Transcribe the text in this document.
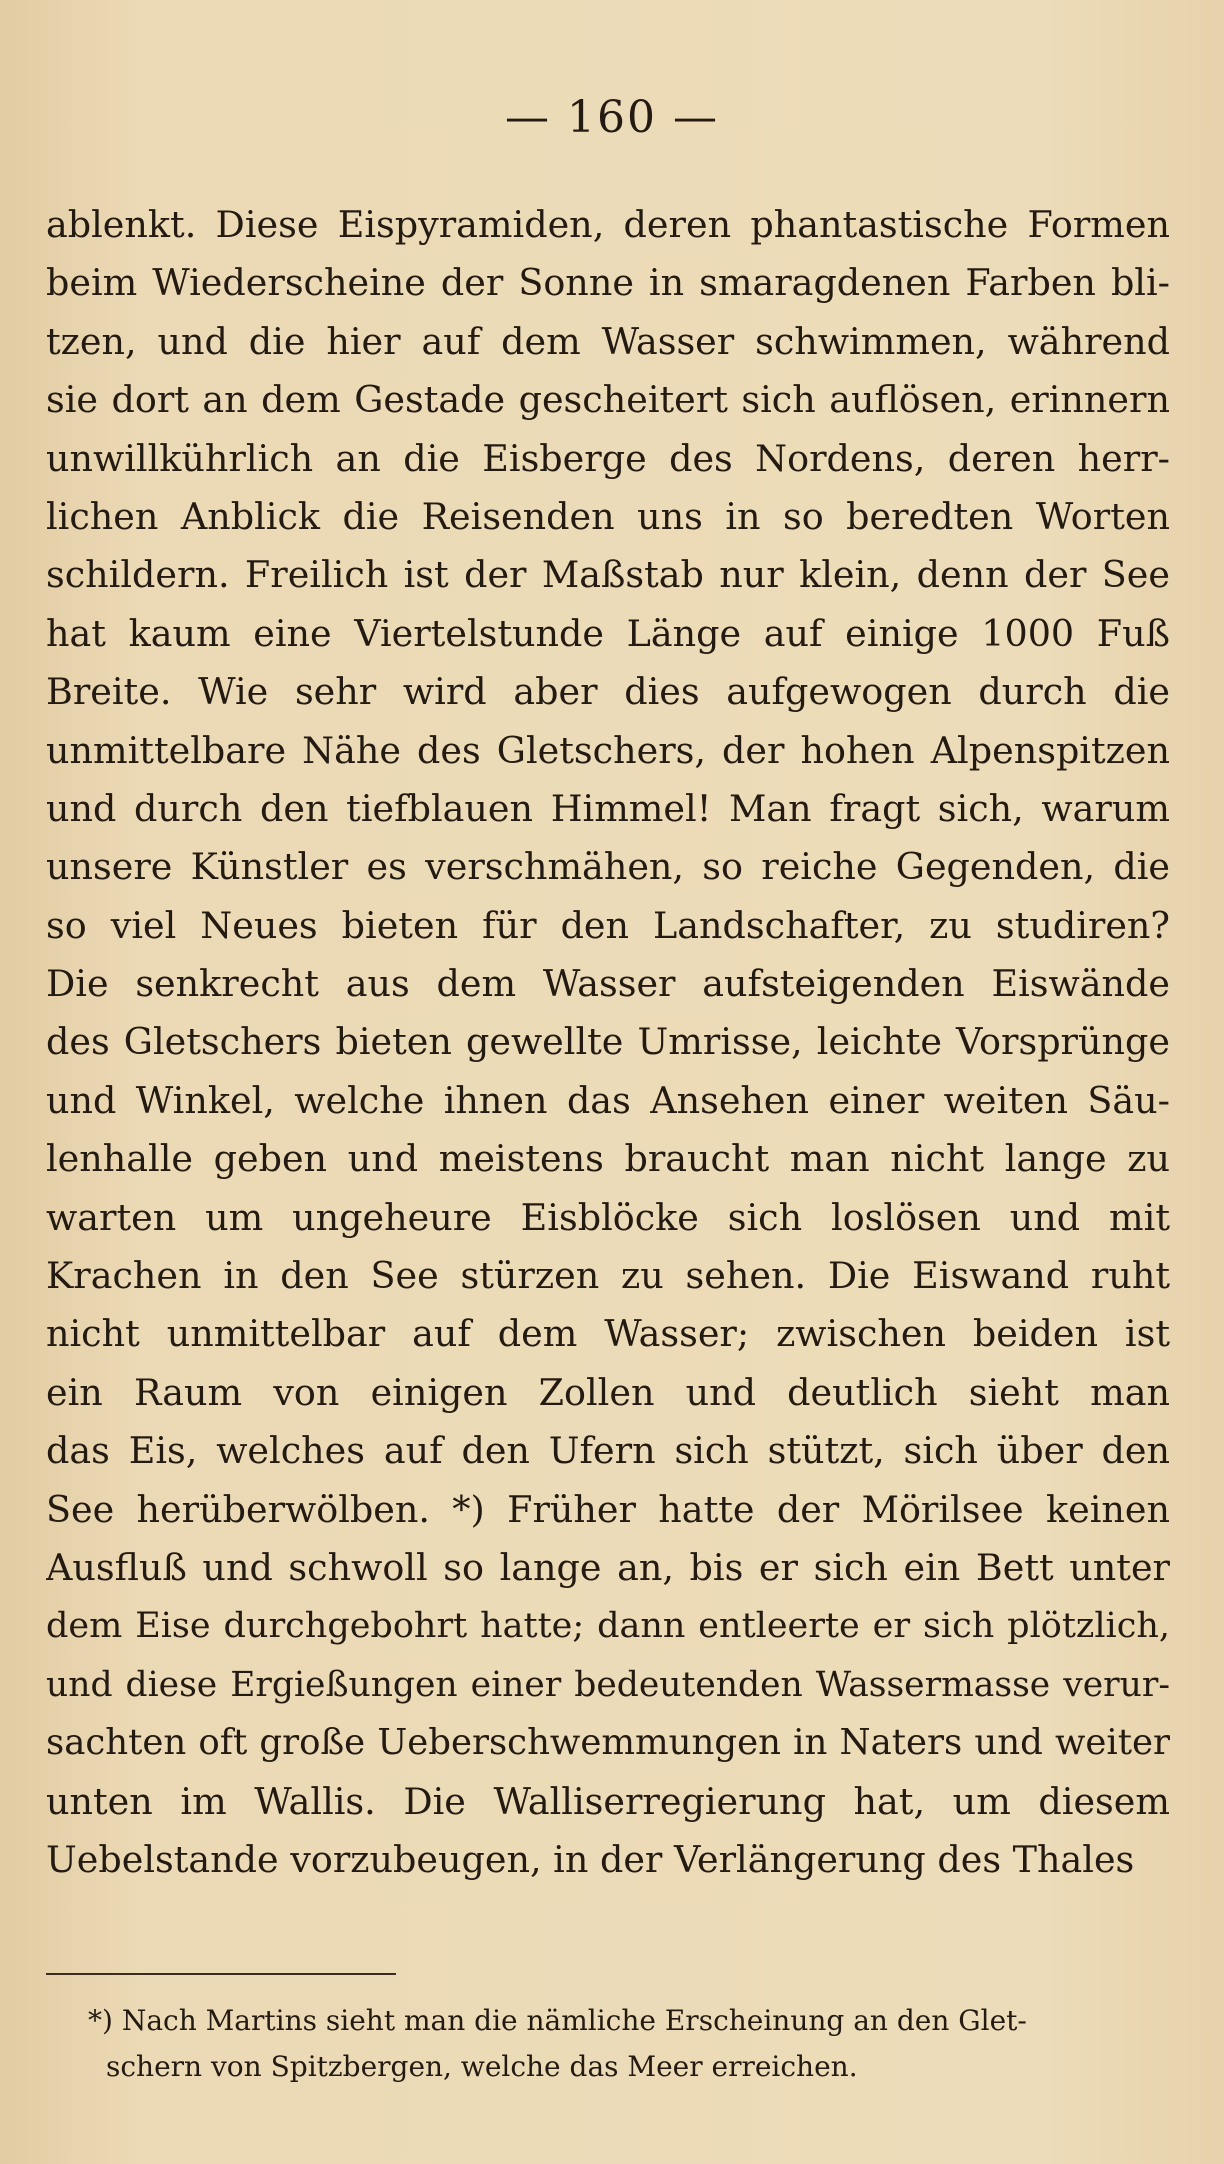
— 160 —
ablenkt. Diese Eispyramiden, deren phantastische Formen
beim Wiederscheine der Sonne in smaragdenen Farben bli-
tzen, und die hier auf dem Wasser schwimmen, während
sie dort an dem Gestade gescheitert sich auflösen, erinnern
unwillkührlich an die Eisberge des Nordens, deren herr-
lichen Anblick die Reisenden uns in so beredten Worten
schildern. Freilich ist der Maßstab nur klein, denn der See
hat kaum eine Viertelstunde Länge auf einige 1000 Fuß
Breite. Wie sehr wird aber dies aufgewogen durch die
unmittelbare Nähe des Gletschers, der hohen Alpenspitzen
und durch den tiefblauen Himmel! Man fragt sich, warum
unsere Künstler es verschmähen, so reiche Gegenden, die
so viel Neues bieten für den Landschafter, zu studiren?
Die senkrecht aus dem Wasser aufsteigenden Eiswände
des Gletschers bieten gewellte Umrisse, leichte Vorsprünge
und Winkel, welche ihnen das Ansehen einer weiten Säu-
lenhalle geben und meistens braucht man nicht lange zu
warten um ungeheure Eisblöcke sich loslösen und mit
Krachen in den See stürzen zu sehen. Die Eiswand ruht
nicht unmittelbar auf dem Wasser; zwischen beiden ist
ein Raum von einigen Zollen und deutlich sieht man
das Eis, welches auf den Ufern sich stützt, sich über den
See herüberwölben. *) Früher hatte der Mörilsee keinen
Ausfluß und schwoll so lange an, bis er sich ein Bett unter
dem Eise durchgebohrt hatte; dann entleerte er sich plötzlich,
und diese Ergießungen einer bedeutenden Wassermasse verur-
sachten oft große Ueberschwemmungen in Naters und weiter
unten im Wallis. Die Walliserregierung hat, um diesem
Uebelstande vorzubeugen, in der Verlängerung des Thales
*) Nach Martins sieht man die nämliche Erscheinung an den Glet-
schern von Spitzbergen, welche das Meer erreichen.
